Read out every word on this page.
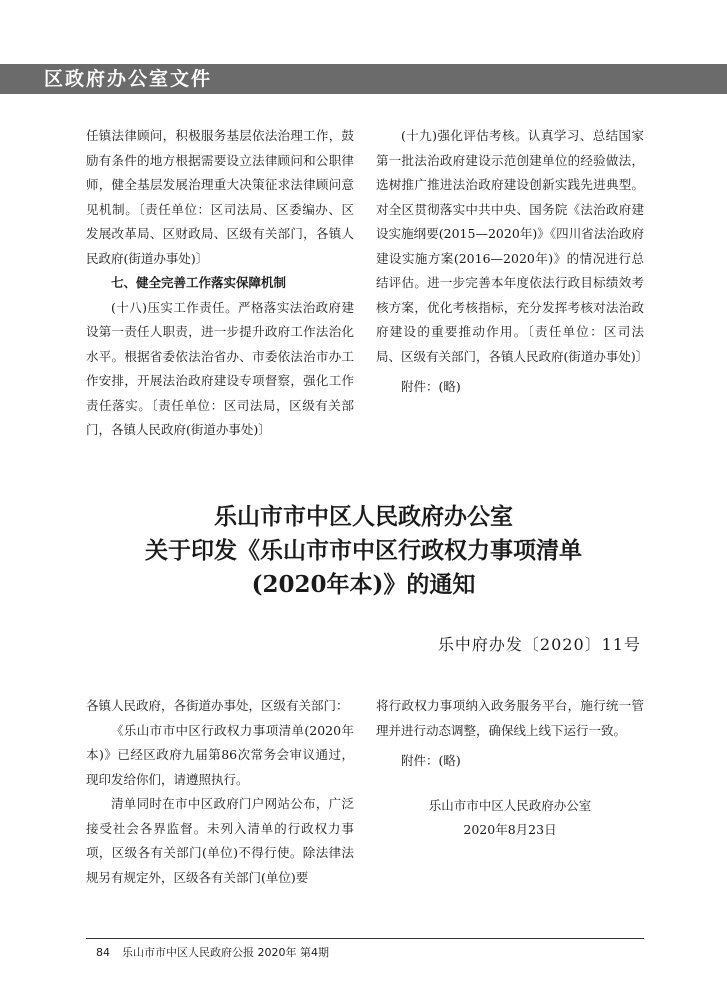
区政府办公室文件

任镇法律顾问，积极服务基层依法治理工作，鼓励有条件的地方根据需要设立法律顾问和公职律师，健全基层发展治理重大决策征求法律顾问意见机制。〔责任单位：区司法局、区委编办、区发展改革局、区财政局、区级有关部门，各镇人民政府(街道办事处)〕

七、健全完善工作落实保障机制

(十八)压实工作责任。严格落实法治政府建设第一责任人职责，进一步提升政府工作法治化水平。根据省委依法治省办、市委依法治市办工作安排，开展法治政府建设专项督察，强化工作责任落实。〔责任单位：区司法局，区级有关部门，各镇人民政府(街道办事处)〕

(十九)强化评估考核。认真学习、总结国家第一批法治政府建设示范创建单位的经验做法，选树推广推进法治政府建设创新实践先进典型。对全区贯彻落实中共中央、国务院《法治政府建设实施纲要(2015—2020年)》《四川省法治政府建设实施方案(2016—2020年)》的情况进行总结评估。进一步完善本年度依法行政目标绩效考核方案，优化考核指标，充分发挥考核对法治政府建设的重要推动作用。〔责任单位：区司法局、区级有关部门，各镇人民政府(街道办事处)〕

附件：(略)

乐山市市中区人民政府办公室
关于印发《乐山市市中区行政权力事项清单
(2020年本)》的通知
乐中府办发〔2020〕11号

各镇人民政府，各街道办事处，区级有关部门：

《乐山市市中区行政权力事项清单(2020年本)》已经区政府九届第86次常务会审议通过，现印发给你们，请遵照执行。

清单同时在市中区政府门户网站公布，广泛接受社会各界监督。未列入清单的行政权力事项，区级各有关部门(单位)不得行使。除法律法规另有规定外，区级各有关部门(单位)要

将行政权力事项纳入政务服务平台，施行统一管理并进行动态调整，确保线上线下运行一致。

附件：(略)

乐山市市中区人民政府办公室

2020年8月23日

84 乐山市市中区人民政府公报 2020年 第4期
